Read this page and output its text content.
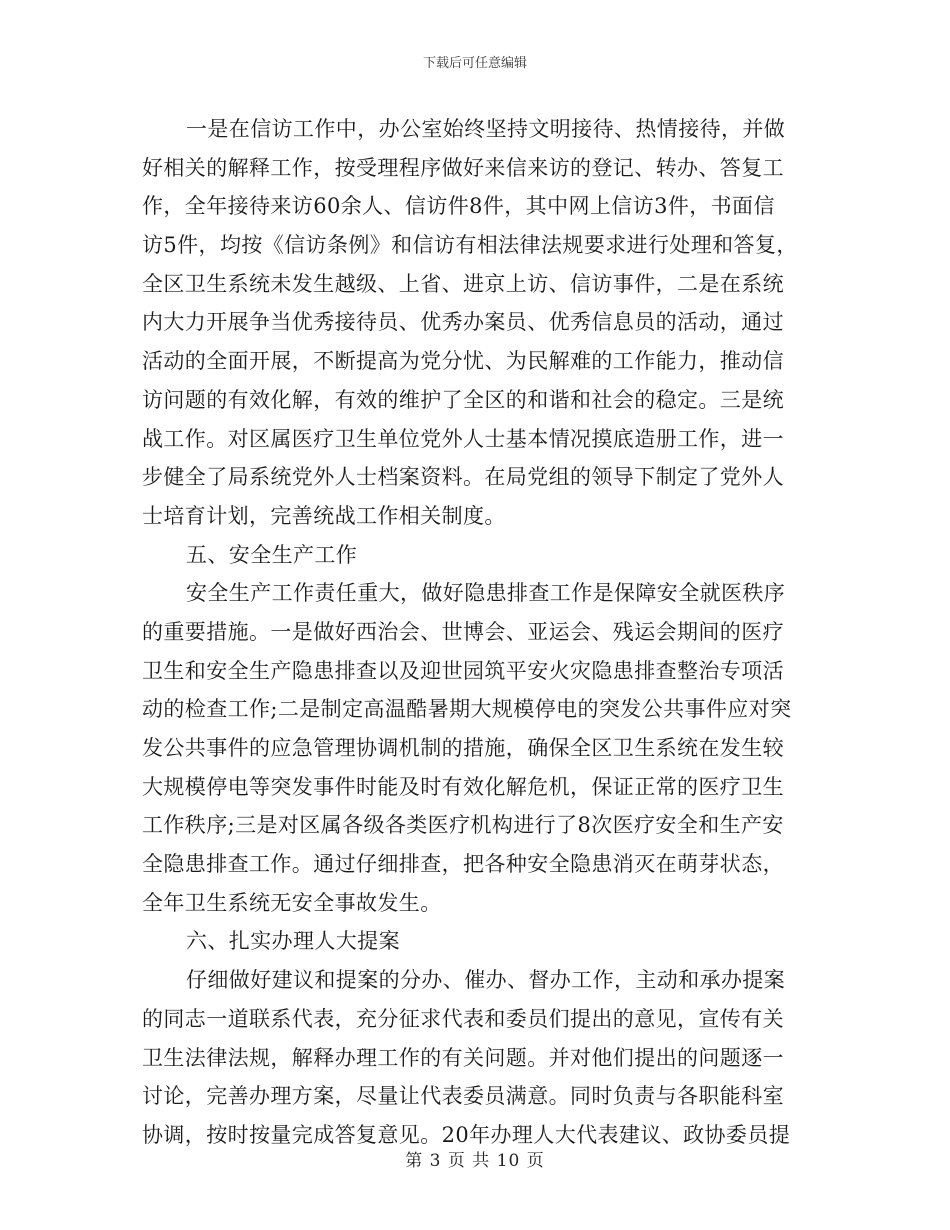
下载后可任意编辑
一是在信访工作中，办公室始终坚持文明接待、热情接待，并做
好相关的解释工作，按受理程序做好来信来访的登记、转办、答复工
作，全年接待来访60余人、信访件8件，其中网上信访3件，书面信
访5件，均按《信访条例》和信访有相法律法规要求进行处理和答复，
全区卫生系统未发生越级、上省、进京上访、信访事件，二是在系统
内大力开展争当优秀接待员、优秀办案员、优秀信息员的活动，通过
活动的全面开展，不断提高为党分忧、为民解难的工作能力，推动信
访问题的有效化解，有效的维护了全区的和谐和社会的稳定。三是统
战工作。对区属医疗卫生单位党外人士基本情况摸底造册工作，进一
步健全了局系统党外人士档案资料。在局党组的领导下制定了党外人
士培育计划，完善统战工作相关制度。
五、安全生产工作
安全生产工作责任重大，做好隐患排查工作是保障安全就医秩序
的重要措施。一是做好西治会、世博会、亚运会、残运会期间的医疗
卫生和安全生产隐患排查以及迎世园筑平安火灾隐患排查整治专项活
动的检查工作;二是制定高温酷暑期大规模停电的突发公共事件应对突
发公共事件的应急管理协调机制的措施，确保全区卫生系统在发生较
大规模停电等突发事件时能及时有效化解危机，保证正常的医疗卫生
工作秩序;三是对区属各级各类医疗机构进行了8次医疗安全和生产安
全隐患排查工作。通过仔细排查，把各种安全隐患消灭在萌芽状态，
全年卫生系统无安全事故发生。
六、扎实办理人大提案
仔细做好建议和提案的分办、催办、督办工作，主动和承办提案
的同志一道联系代表，充分征求代表和委员们提出的意见，宣传有关
卫生法律法规，解释办理工作的有关问题。并对他们提出的问题逐一
讨论，完善办理方案，尽量让代表委员满意。同时负责与各职能科室
协调，按时按量完成答复意见。20年办理人大代表建议、政协委员提
第 3 页 共 10 页
